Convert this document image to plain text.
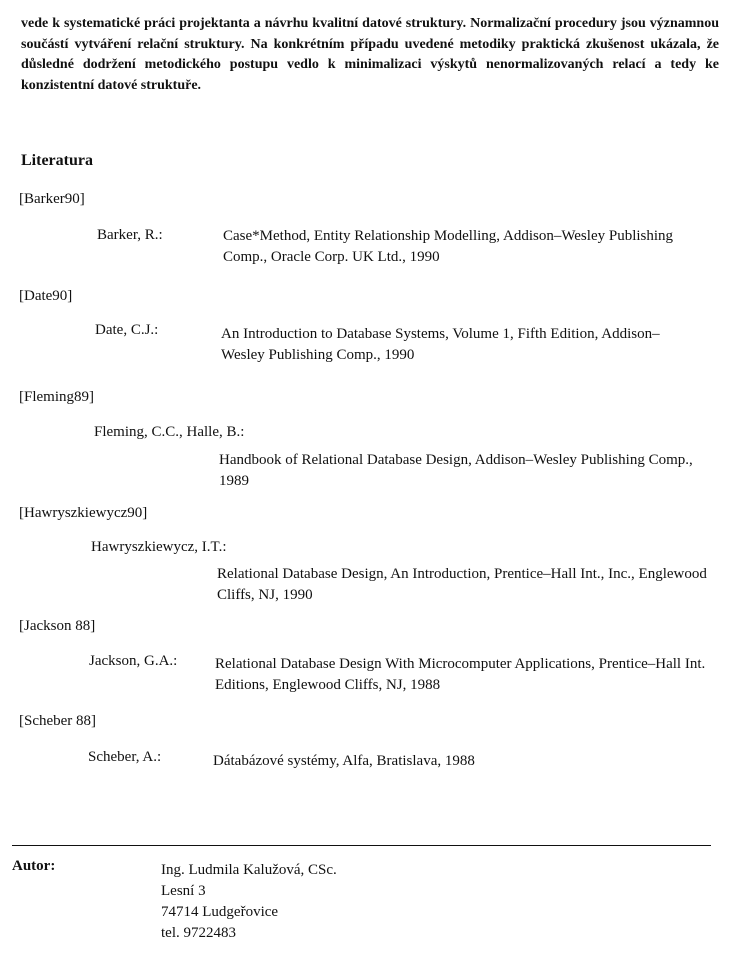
vede k systematické práci projektanta a návrhu kvalitní datové struktury. Normalizační procedury jsou významnou součástí vytváření relační struktury. Na konkrétním případu uvedené metodiky praktická zkušenost ukázala, že důsledné dodržení metodického postupu vedlo k minimalizaci výskytů nenormalizovaných relací a tedy ke konzistentní datové struktuře.

Literatura

[Barker90]

Barker, R.:	Case*Method, Entity Relationship Modelling, Addison–Wesley Publishing Comp., Oracle Corp. UK Ltd., 1990

[Date90]

Date, C.J.:	An Introduction to Database Systems, Volume 1, Fifth Edition, Addison–Wesley Publishing Comp., 1990

[Fleming89]

Fleming, C.C., Halle, B.:

Handbook of Relational Database Design, Addison–Wesley Publishing Comp., 1989

[Hawryszkiewycz90]

Hawryszkiewycz, I.T.:

Relational Database Design, An Introduction, Prentice–Hall Int., Inc., Englewood Cliffs, NJ, 1990

[Jackson 88]

Jackson, G.A.:	Relational Database Design With Microcomputer Applications, Prentice–Hall Int. Editions, Englewood Cliffs, NJ, 1988

[Scheber 88]

Scheber, A.:	Dátabázové systémy, Alfa, Bratislava, 1988

Autor:	Ing. Ludmila Kalužová, CSc.
Lesní 3
74714 Ludgeřovice
tel. 9722483
